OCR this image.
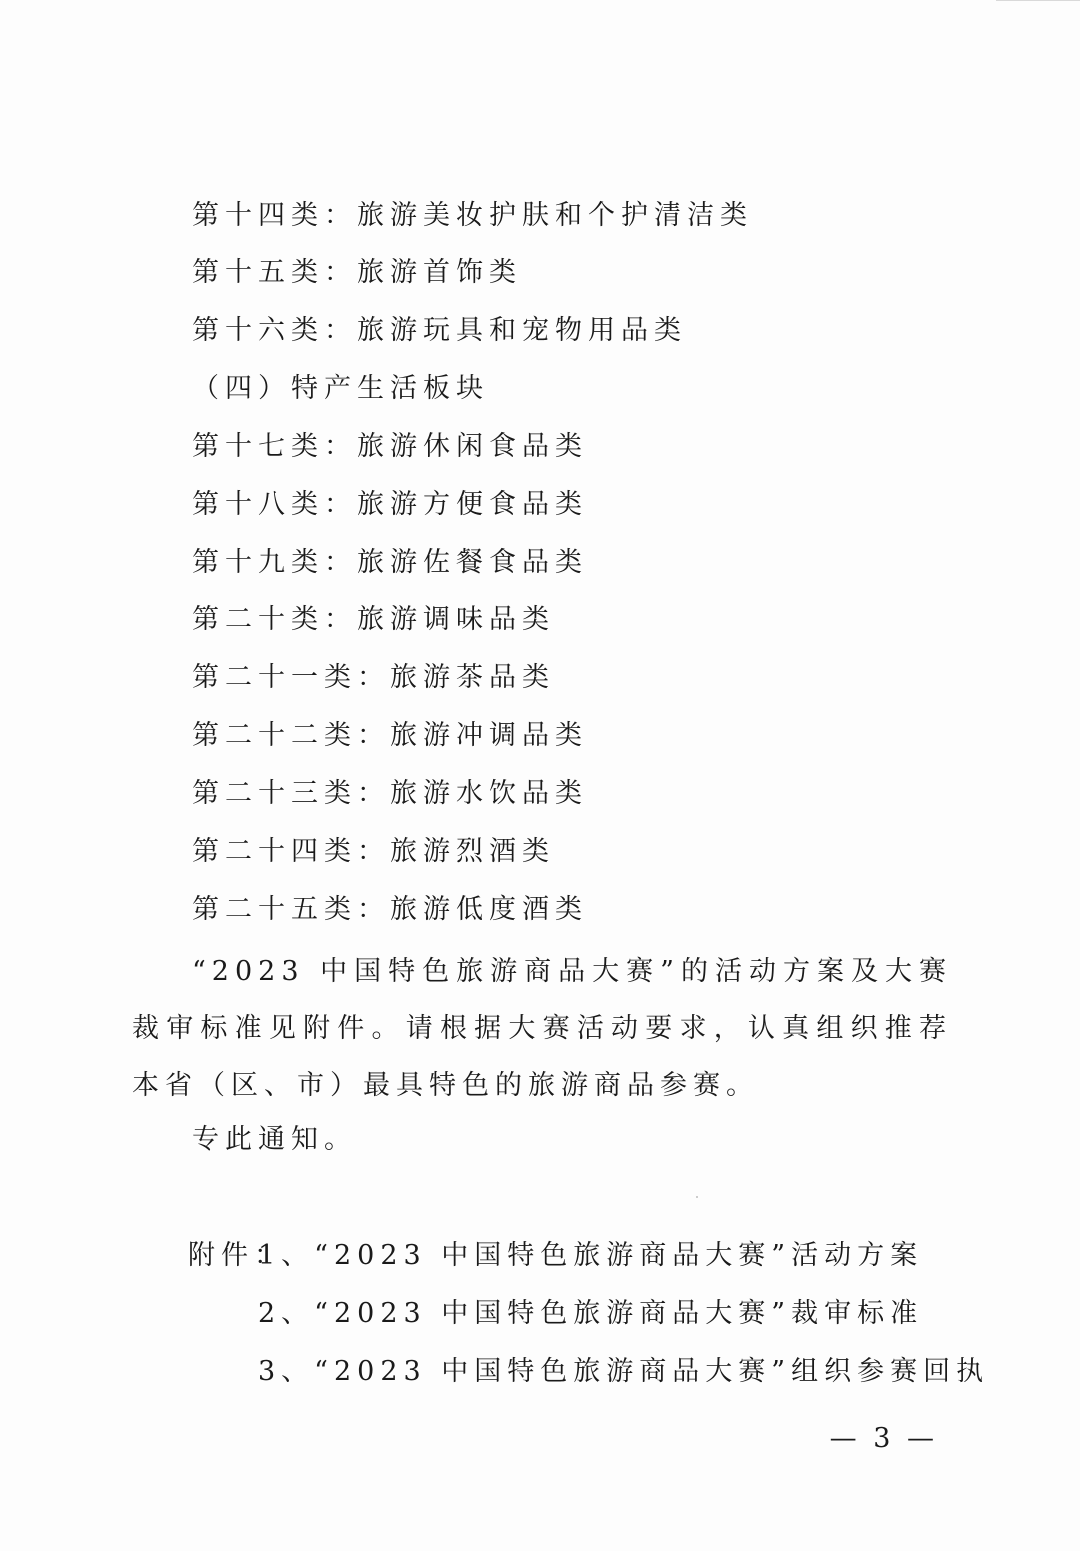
第十四类：旅游美妆护肤和个护清洁类
第十五类：旅游首饰类
第十六类：旅游玩具和宠物用品类
（四）特产生活板块
第十七类：旅游休闲食品类
第十八类：旅游方便食品类
第十九类：旅游佐餐食品类
第二十类：旅游调味品类
第二十一类：旅游茶品类
第二十二类：旅游冲调品类
第二十三类：旅游水饮品类
第二十四类：旅游烈酒类
第二十五类：旅游低度酒类
“2023 中国特色旅游商品大赛”的活动方案及大赛裁审标准见附件。请根据大赛活动要求，认真组织推荐本省（区、市）最具特色的旅游商品参赛。
专此通知。
附件：
1、“2023 中国特色旅游商品大赛”活动方案
2、“2023 中国特色旅游商品大赛”裁审标准
3、“2023 中国特色旅游商品大赛”组织参赛回执
— 3 —
